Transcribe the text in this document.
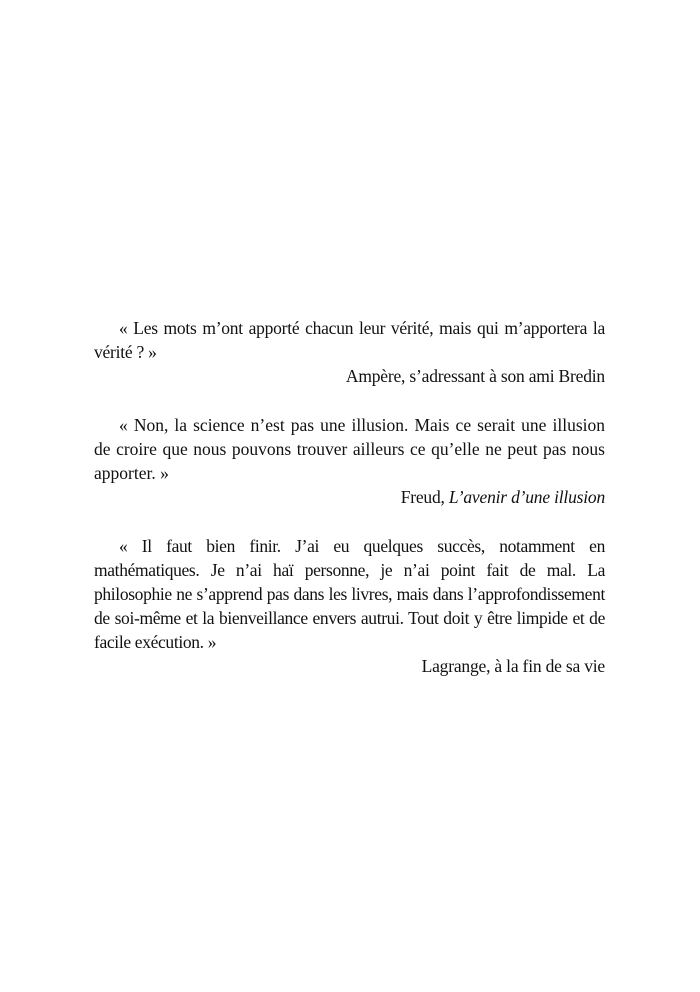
« Les mots m’ont apporté chacun leur vérité, mais qui m’apportera la vérité ? »

Ampère, s’adressant à son ami Bredin

« Non, la science n’est pas une illusion. Mais ce serait une illusion de croire que nous pouvons trouver ailleurs ce qu’elle ne peut pas nous apporter. »

Freud, L’avenir d’une illusion

« Il faut bien finir. J’ai eu quelques succès, notamment en mathématiques. Je n’ai haï personne, je n’ai point fait de mal. La philosophie ne s’apprend pas dans les livres, mais dans l’approfondissement de soi-même et la bienveillance envers autrui. Tout doit y être limpide et de facile exécution. »

Lagrange, à la fin de sa vie
